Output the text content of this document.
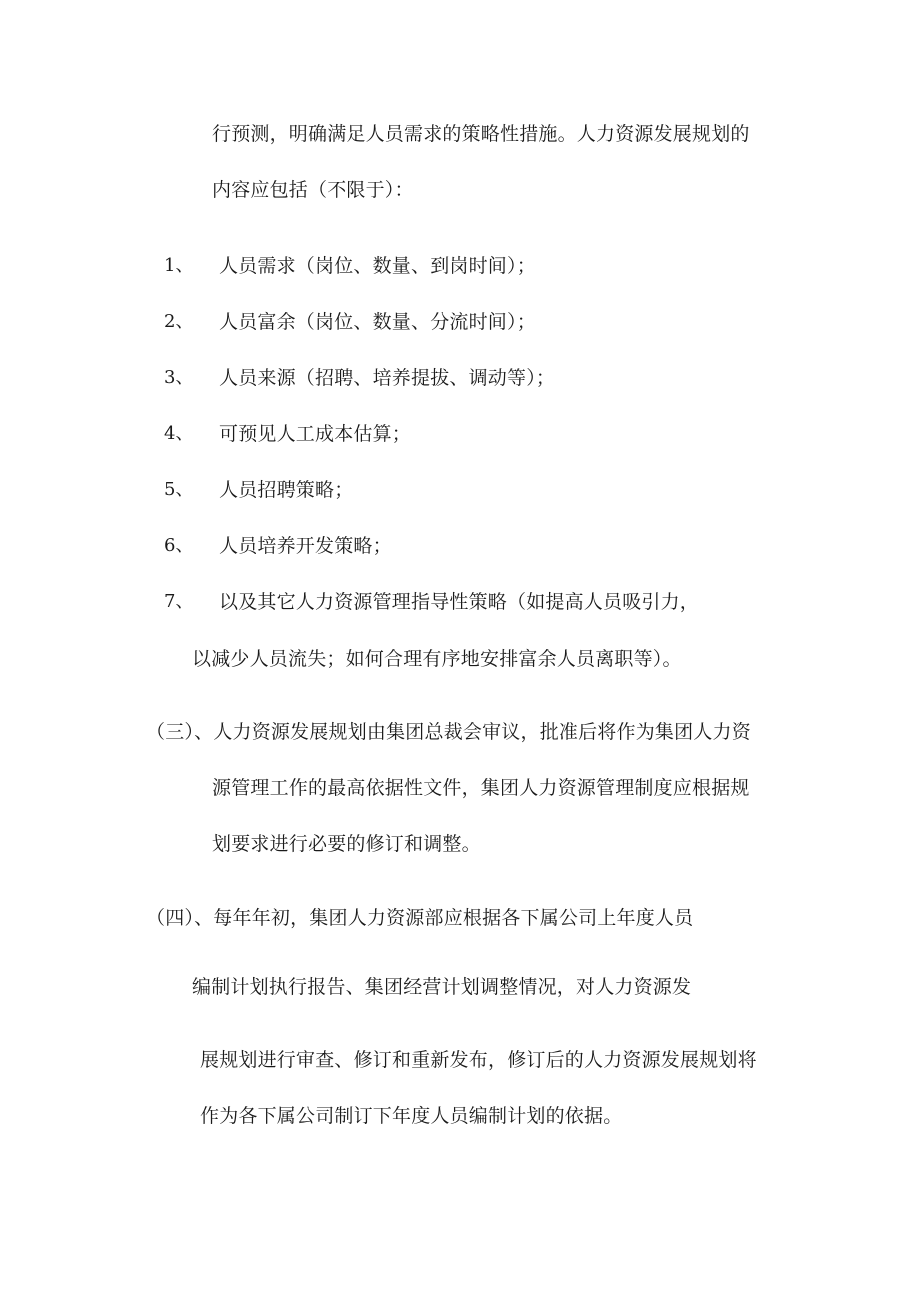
行预测，明确满足人员需求的策略性措施。人力资源发展规划的
内容应包括（不限于）：
1、 人员需求（岗位、数量、到岗时间）；
2、 人员富余（岗位、数量、分流时间）；
3、 人员来源（招聘、培养提拔、调动等）；
4、 可预见人工成本估算；
5、 人员招聘策略；
6、 人员培养开发策略；
7、 以及其它人力资源管理指导性策略（如提高人员吸引力，
以减少人员流失；如何合理有序地安排富余人员离职等）。
（三）、人力资源发展规划由集团总裁会审议，批准后将作为集团人力资
源管理工作的最高依据性文件，集团人力资源管理制度应根据规
划要求进行必要的修订和调整。
（四）、每年年初，集团人力资源部应根据各下属公司上年度人员
编制计划执行报告、集团经营计划调整情况，对人力资源发
展规划进行审查、修订和重新发布，修订后的人力资源发展规划将
作为各下属公司制订下年度人员编制计划的依据。
